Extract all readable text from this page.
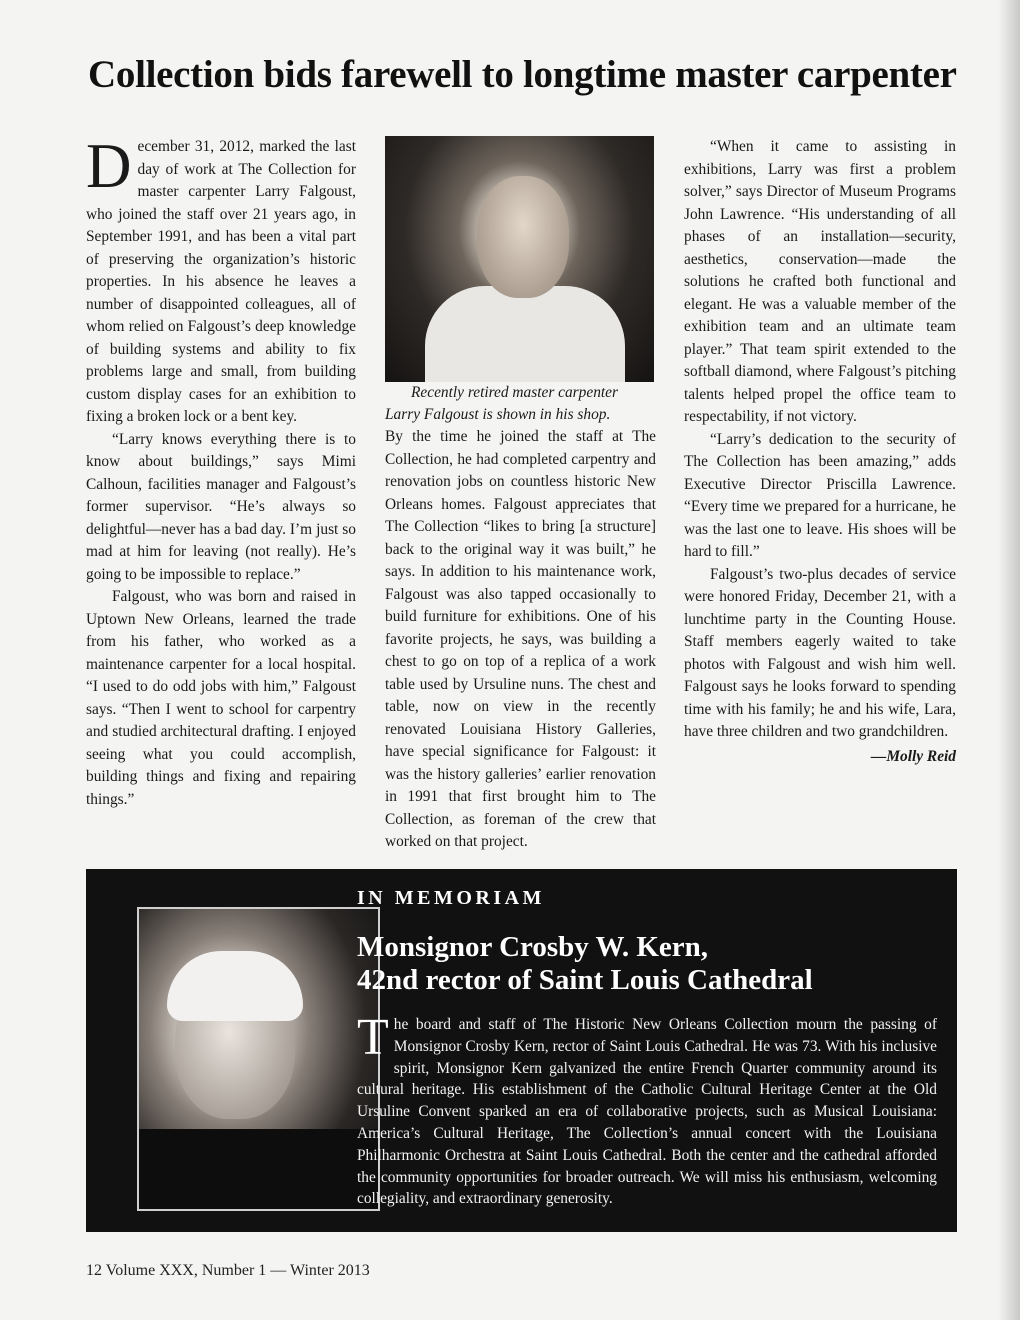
Collection bids farewell to longtime master carpenter

December 31, 2012, marked the last day of work at The Collection for master carpenter Larry Falgoust, who joined the staff over 21 years ago, in September 1991, and has been a vital part of preserving the organization’s historic properties. In his absence he leaves a number of disappointed colleagues, all of whom relied on Falgoust’s deep knowledge of building systems and ability to fix problems large and small, from building custom display cases for an exhibition to fixing a broken lock or a bent key.

“Larry knows everything there is to know about buildings,” says Mimi Calhoun, facilities manager and Falgoust’s former supervisor. “He’s always so delightful—never has a bad day. I’m just so mad at him for leaving (not really). He’s going to be impossible to replace.”

Falgoust, who was born and raised in Uptown New Orleans, learned the trade from his father, who worked as a maintenance carpenter for a local hospital. “I used to do odd jobs with him,” Falgoust says. “Then I went to school for carpentry and studied architectural drafting. I enjoyed seeing what you could accomplish, building things and fixing and repairing things.”

Recently retired master carpenter Larry Falgoust is shown in his shop.

By the time he joined the staff at The Collection, he had completed carpentry and renovation jobs on countless historic New Orleans homes. Falgoust appreciates that The Collection “likes to bring [a structure] back to the original way it was built,” he says. In addition to his maintenance work, Falgoust was also tapped occasionally to build furniture for exhibitions. One of his favorite projects, he says, was building a chest to go on top of a replica of a work table used by Ursuline nuns. The chest and table, now on view in the recently renovated Louisiana History Galleries, have special significance for Falgoust: it was the history galleries’ earlier renovation in 1991 that first brought him to The Collection, as foreman of the crew that worked on that project.

“When it came to assisting in exhibitions, Larry was first a problem solver,” says Director of Museum Programs John Lawrence. “His understanding of all phases of an installation—security, aesthetics, conservation—made the solutions he crafted both functional and elegant. He was a valuable member of the exhibition team and an ultimate team player.” That team spirit extended to the softball diamond, where Falgoust’s pitching talents helped propel the office team to respectability, if not victory.

“Larry’s dedication to the security of The Collection has been amazing,” adds Executive Director Priscilla Lawrence. “Every time we prepared for a hurricane, he was the last one to leave. His shoes will be hard to fill.”

Falgoust’s two-plus decades of service were honored Friday, December 21, with a lunchtime party in the Counting House. Staff members eagerly waited to take photos with Falgoust and wish him well. Falgoust says he looks forward to spending time with his family; he and his wife, Lara, have three children and two grandchildren.

—Molly Reid
IN MEMORIAM
Monsignor Crosby W. Kern,
42nd rector of Saint Louis Cathedral

The board and staff of The Historic New Orleans Collection mourn the passing of Monsignor Crosby Kern, rector of Saint Louis Cathedral. He was 73. With his inclusive spirit, Monsignor Kern galvanized the entire French Quarter community around its cultural heritage. His establishment of the Catholic Cultural Heritage Center at the Old Ursuline Convent sparked an era of collaborative projects, such as Musical Louisiana: America’s Cultural Heritage, The Collection’s annual concert with the Louisiana Philharmonic Orchestra at Saint Louis Cathedral. Both the center and the cathedral afforded the community opportunities for broader outreach. We will miss his enthusiasm, welcoming collegiality, and extraordinary generosity.

12 Volume XXX, Number 1 — Winter 2013
